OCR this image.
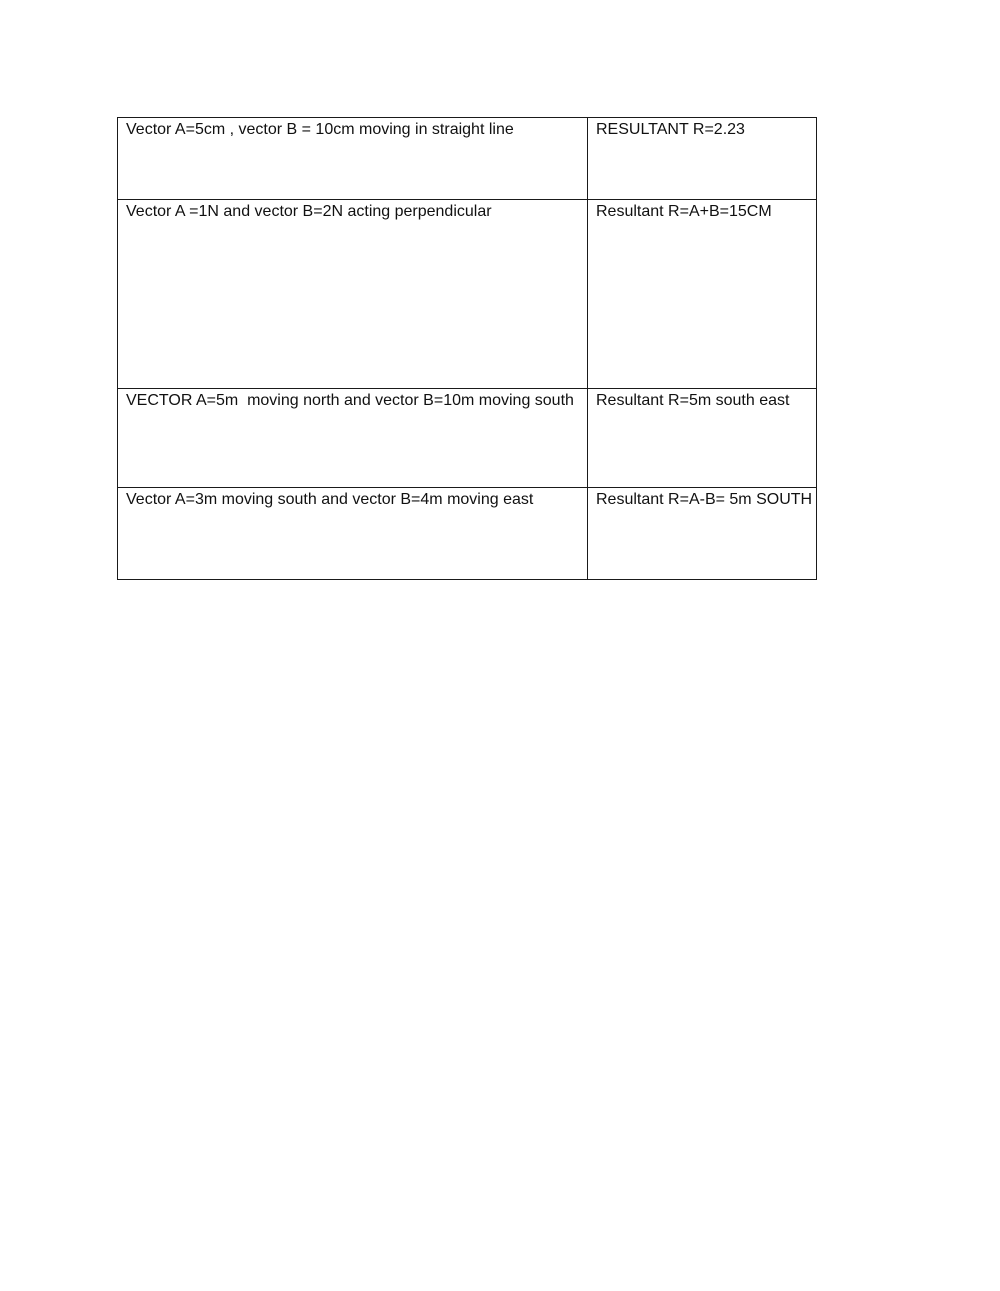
Vector A=5cm , vector B = 10cm moving in straight line	RESULTANT R=2.23
Vector A =1N and vector B=2N acting perpendicular	Resultant R=A+B=15CM
VECTOR A=5m  moving north and vector B=10m moving south	Resultant R=5m south east
Vector A=3m moving south and vector B=4m moving east	Resultant R=A-B= 5m SOUTH
